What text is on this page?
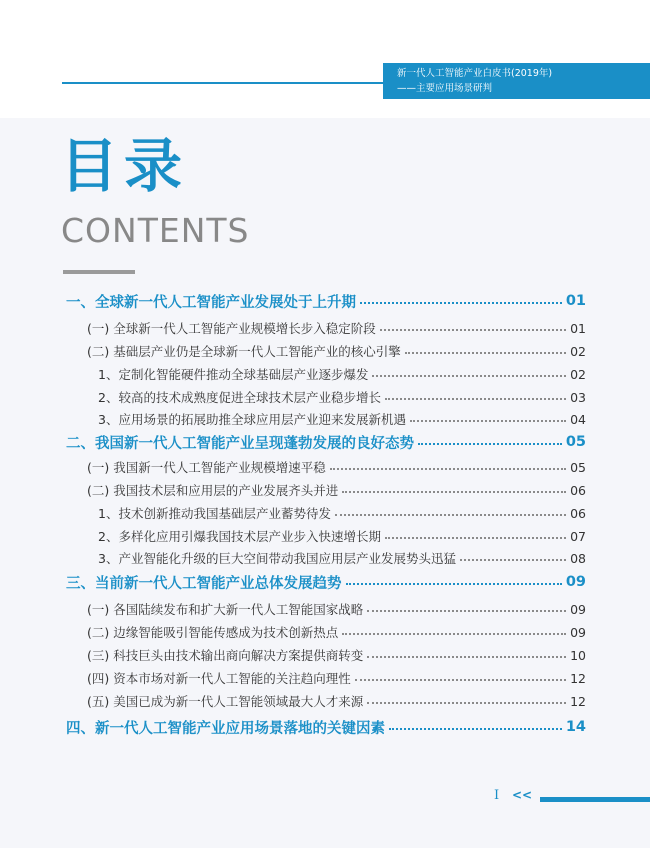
新一代人工智能产业白皮书(2019年)
——主要应用场景研判
目录
CONTENTS
一、全球新一代人工智能产业发展处于上升期	01
(一) 全球新一代人工智能产业规模增长步入稳定阶段	01
(二) 基础层产业仍是全球新一代人工智能产业的核心引擎	02
1、定制化智能硬件推动全球基础层产业逐步爆发	02
2、较高的技术成熟度促进全球技术层产业稳步增长	03
3、应用场景的拓展助推全球应用层产业迎来发展新机遇	04
二、我国新一代人工智能产业呈现蓬勃发展的良好态势	05
(一) 我国新一代人工智能产业规模增速平稳	05
(二) 我国技术层和应用层的产业发展齐头并进	06
1、技术创新推动我国基础层产业蓄势待发	06
2、多样化应用引爆我国技术层产业步入快速增长期	07
3、产业智能化升级的巨大空间带动我国应用层产业发展势头迅猛	08
三、当前新一代人工智能产业总体发展趋势	09
(一) 各国陆续发布和扩大新一代人工智能国家战略	09
(二) 边缘智能吸引智能传感成为技术创新热点	09
(三) 科技巨头由技术输出商向解决方案提供商转变	10
(四) 资本市场对新一代人工智能的关注趋向理性	12
(五) 美国已成为新一代人工智能领域最大人才来源	12
四、新一代人工智能产业应用场景落地的关键因素	14
I <<
